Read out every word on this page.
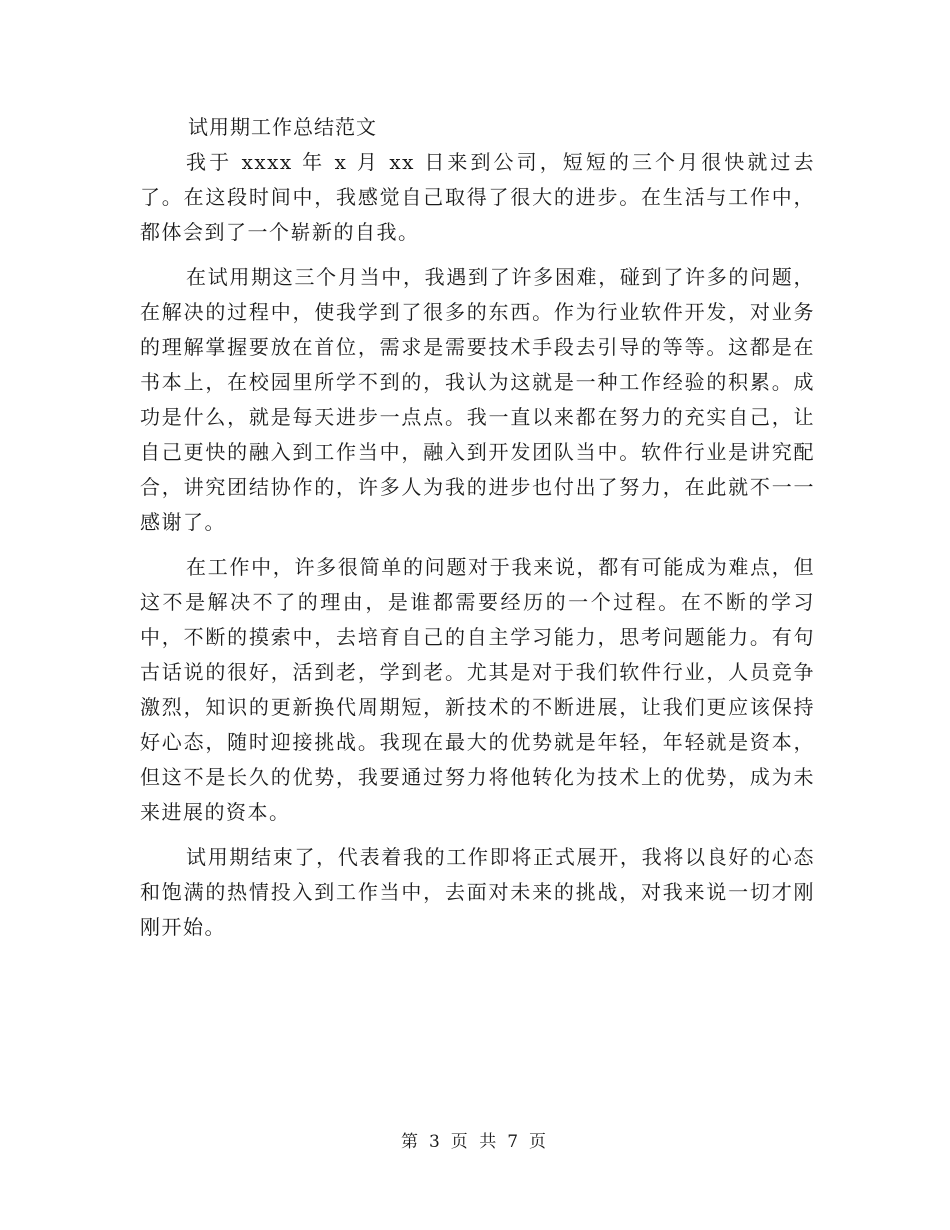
试用期工作总结范文

我于 xxxx 年 x 月 xx 日来到公司，短短的三个月很快就过去了。在这段时间中，我感觉自己取得了很大的进步。在生活与工作中，都体会到了一个崭新的自我。

在试用期这三个月当中，我遇到了许多困难，碰到了许多的问题，在解决的过程中，使我学到了很多的东西。作为行业软件开发，对业务的理解掌握要放在首位，需求是需要技术手段去引导的等等。这都是在书本上，在校园里所学不到的，我认为这就是一种工作经验的积累。成功是什么，就是每天进步一点点。我一直以来都在努力的充实自己，让自己更快的融入到工作当中，融入到开发团队当中。软件行业是讲究配合，讲究团结协作的，许多人为我的进步也付出了努力，在此就不一一感谢了。

在工作中，许多很简单的问题对于我来说，都有可能成为难点，但这不是解决不了的理由，是谁都需要经历的一个过程。在不断的学习中，不断的摸索中，去培育自己的自主学习能力，思考问题能力。有句古话说的很好，活到老，学到老。尤其是对于我们软件行业，人员竞争激烈，知识的更新换代周期短，新技术的不断进展，让我们更应该保持好心态，随时迎接挑战。我现在最大的优势就是年轻，年轻就是资本，但这不是长久的优势，我要通过努力将他转化为技术上的优势，成为未来进展的资本。

试用期结束了，代表着我的工作即将正式展开，我将以良好的心态和饱满的热情投入到工作当中，去面对未来的挑战，对我来说一切才刚刚开始。

第 3 页 共 7 页
